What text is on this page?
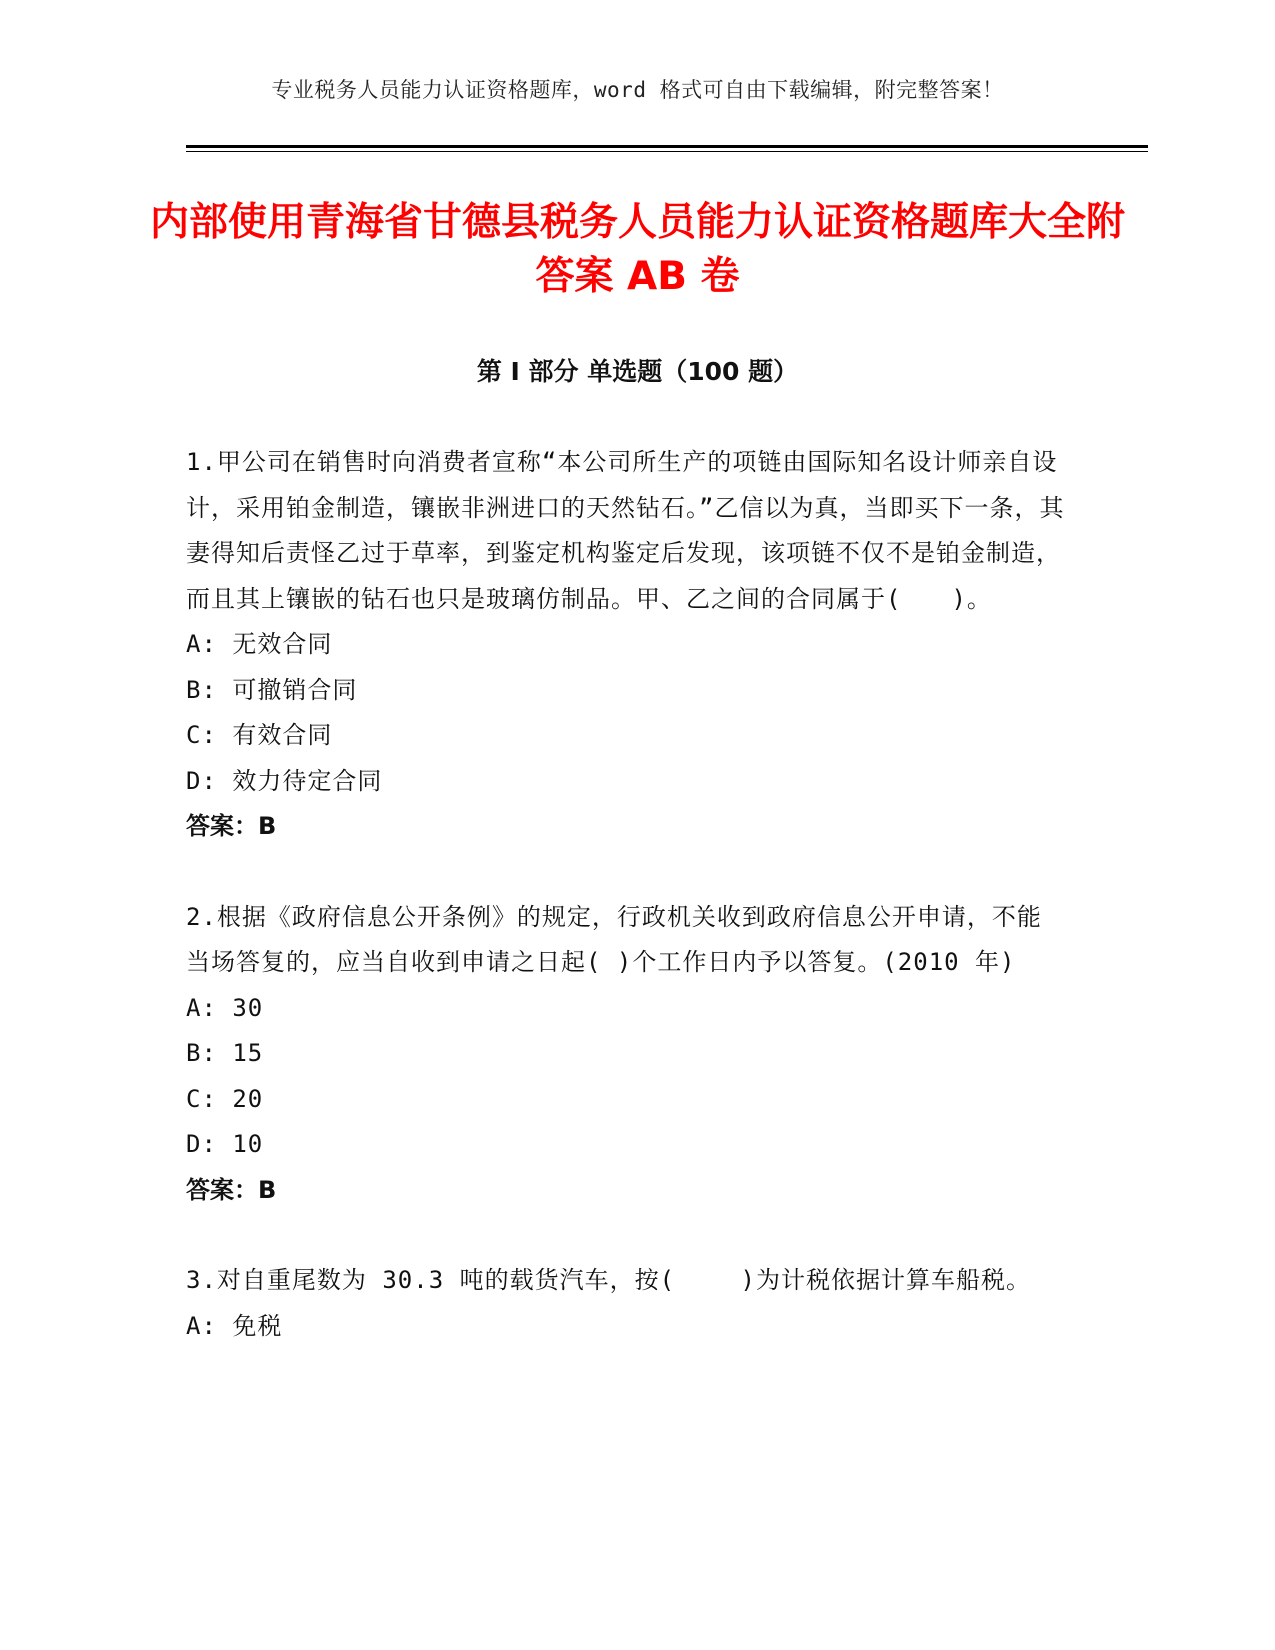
专业税务人员能力认证资格题库，word 格式可自由下载编辑，附完整答案！
内部使用青海省甘德县税务人员能力认证资格题库大全附答案 AB 卷
第 I 部分 单选题（100 题）

1.甲公司在销售时向消费者宣称“本公司所生产的项链由国际知名设计师亲自设计，采用铂金制造，镶嵌非洲进口的天然钻石。”乙信以为真，当即买下一条，其妻得知后责怪乙过于草率，到鉴定机构鉴定后发现，该项链不仅不是铂金制造，而且其上镶嵌的钻石也只是玻璃仿制品。甲、乙之间的合同属于(　　)。

A: 无效合同

B: 可撤销合同

C: 有效合同

D: 效力待定合同

答案：B

2.根据《政府信息公开条例》的规定，行政机关收到政府信息公开申请，不能当场答复的，应当自收到申请之日起( )个工作日内予以答复。(2010 年)

A: 30

B: 15

C: 20

D: 10

答案：B

3.对自重尾数为 30.3 吨的载货汽车，按(　　 )为计税依据计算车船税。

A: 免税
